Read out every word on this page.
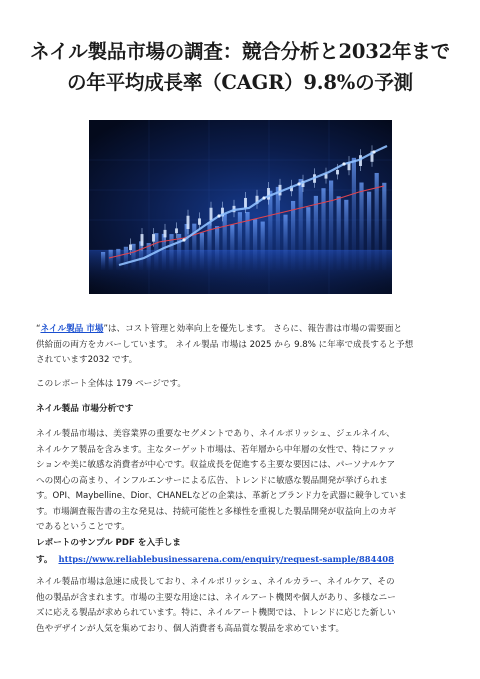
ネイル製品市場の調査：競合分析と2032年まで
の年平均成長率（CAGR）9.8%の予測

“ネイル製品 市場”は、コスト管理と効率向上を優先します。 さらに、報告書は市場の需要面と

供給面の両方をカバーしています。 ネイル製品 市場は 2025 から 9.8% に年率で成長すると予想

されています2032 です。

このレポート全体は 179 ページです。

ネイル製品 市場分析です

ネイル製品市場は、美容業界の重要なセグメントであり、ネイルポリッシュ、ジェルネイル、

ネイルケア製品を含みます。主なターゲット市場は、若年層から中年層の女性で、特にファッ

ションや美に敏感な消費者が中心です。収益成長を促進する主要な要因には、パーソナルケア

への関心の高まり、インフルエンサーによる広告、トレンドに敏感な製品開発が挙げられま

す。OPI、Maybelline、Dior、CHANELなどの企業は、革新とブランド力を武器に競争していま

す。市場調査報告書の主な発見は、持続可能性と多様性を重視した製品開発が収益向上のカギ

であるということです。

レポートのサンプル PDF を入手しま

す。 https://www.reliablebusinessarena.com/enquiry/request-sample/884408

ネイル製品市場は急速に成長しており、ネイルポリッシュ、ネイルカラー、ネイルケア、その

他の製品が含まれます。市場の主要な用途には、ネイルアート機関や個人があり、多様なニー

ズに応える製品が求められています。特に、ネイルアート機関では、トレンドに応じた新しい

色やデザインが人気を集めており、個人消費者も高品質な製品を求めています。
